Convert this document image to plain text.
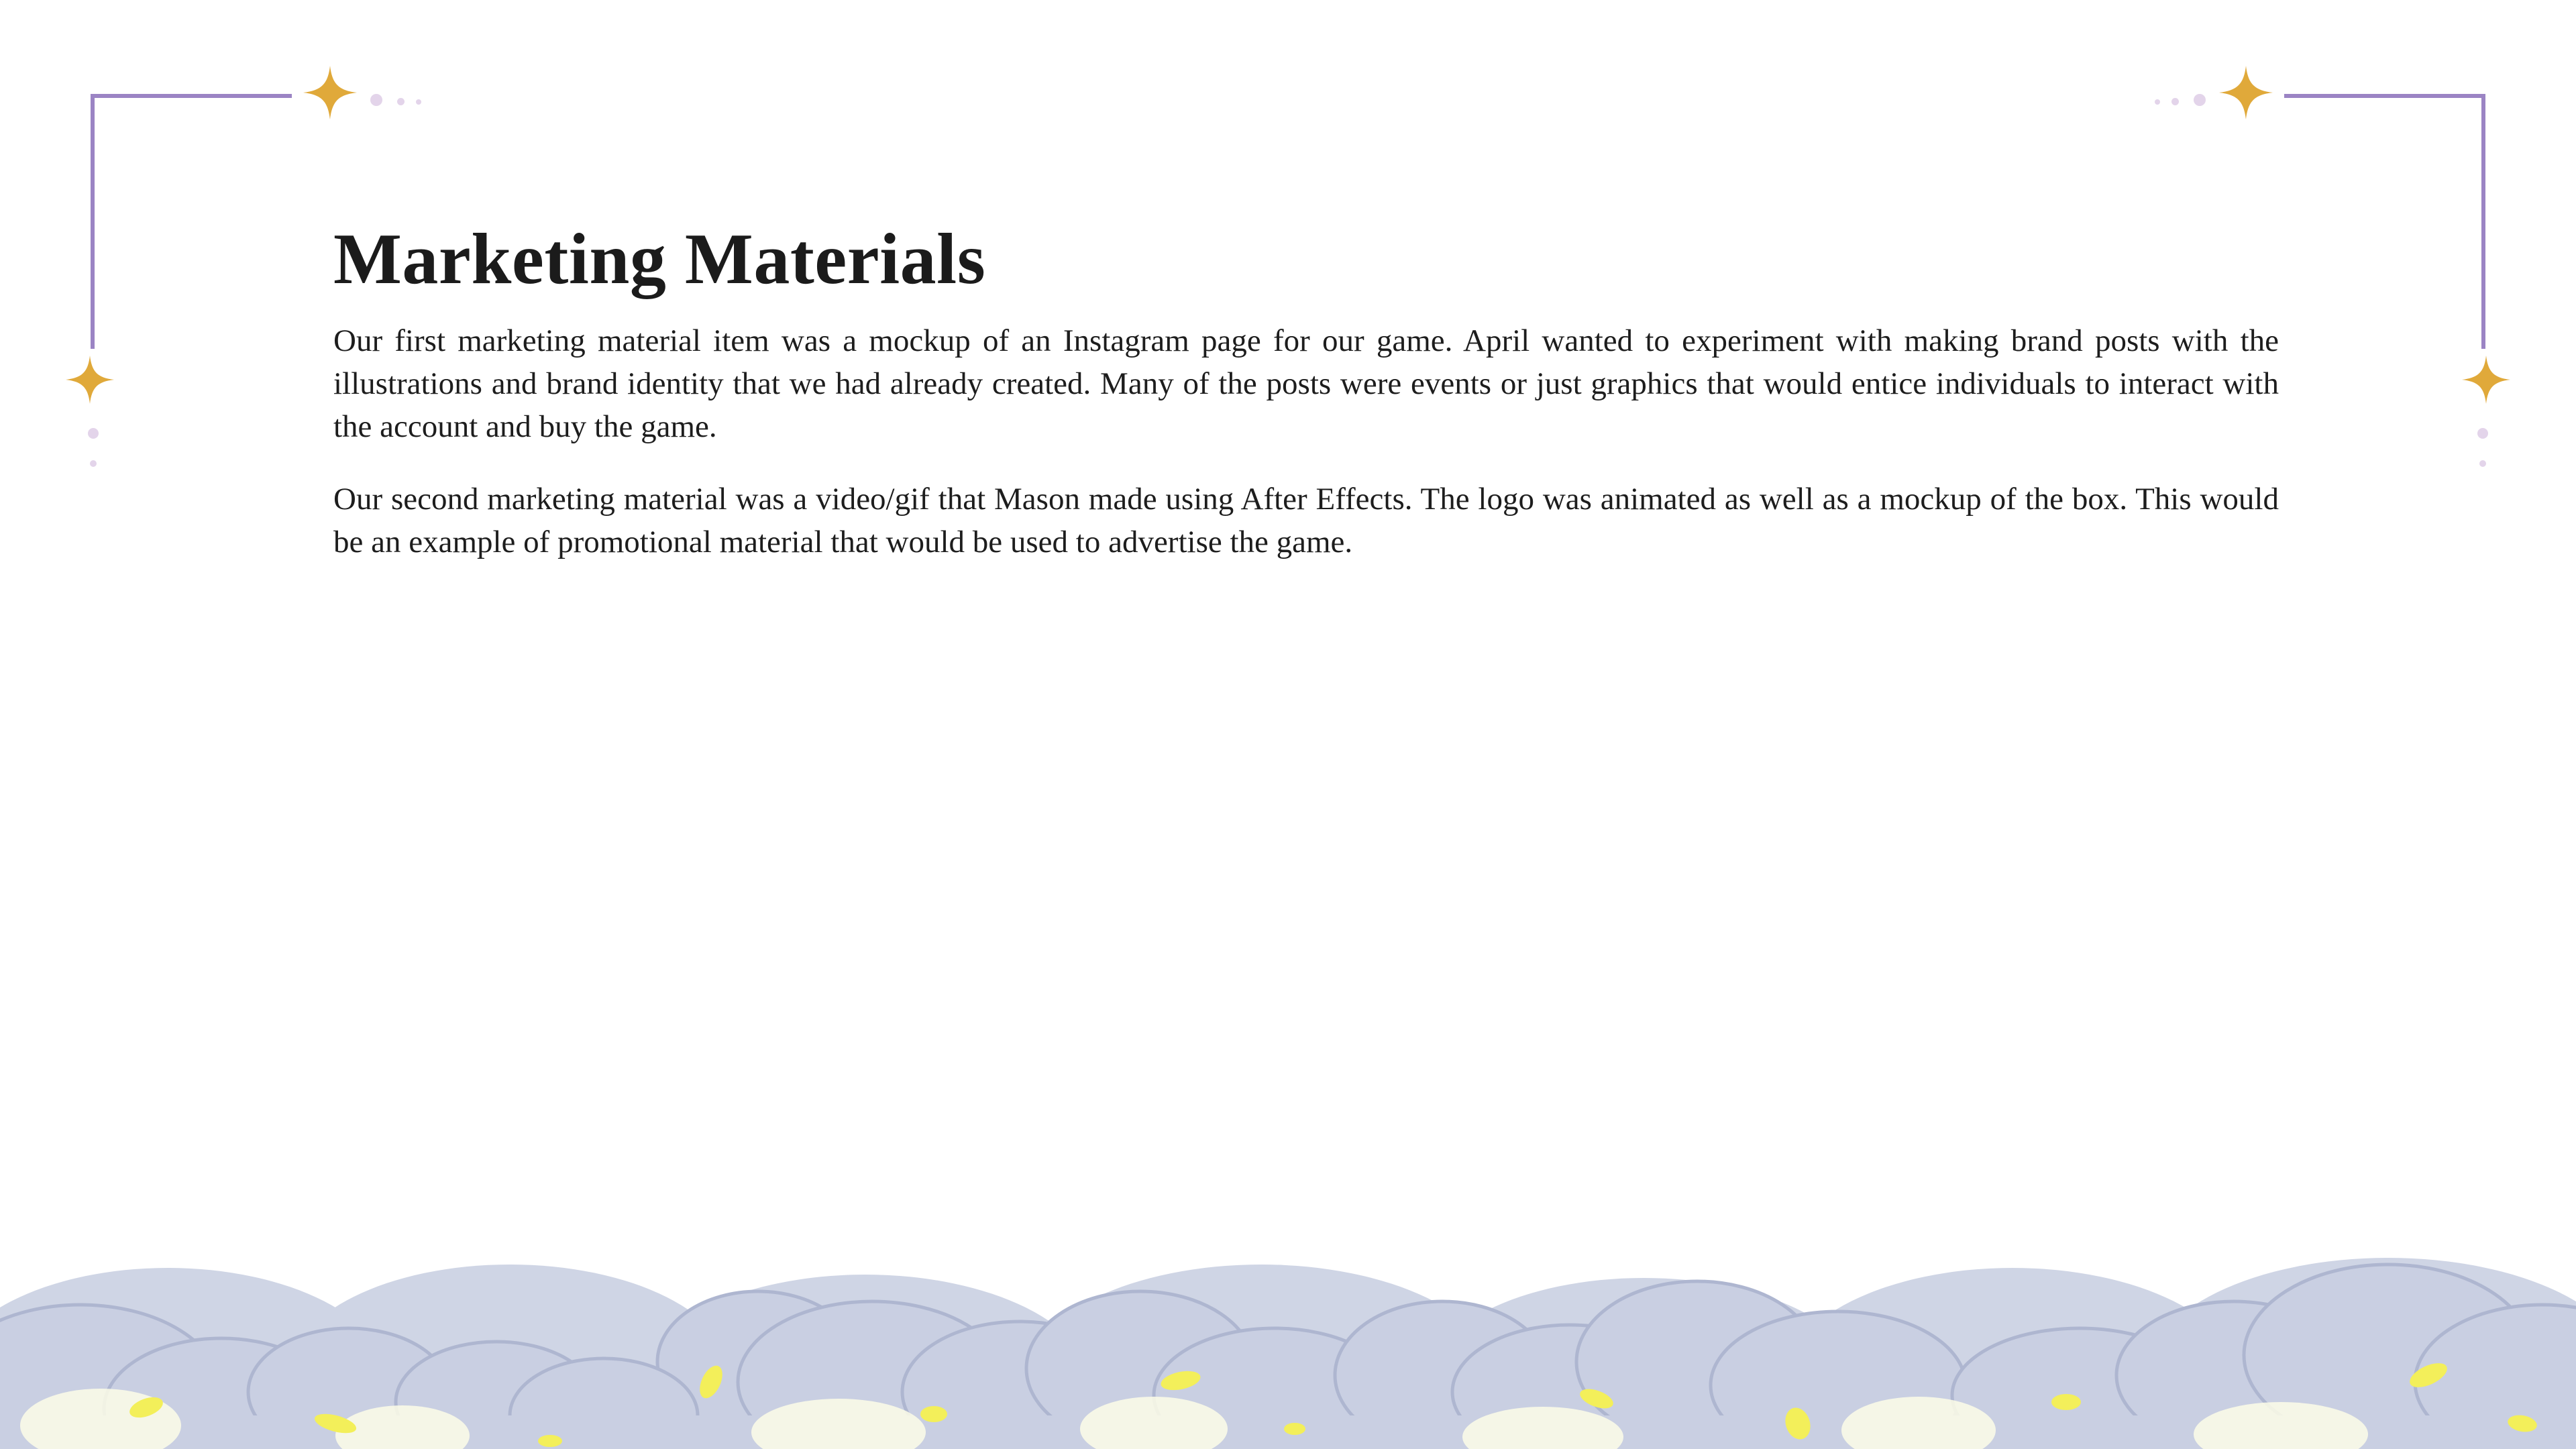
Marketing Materials

Our first marketing material item was a mockup of an Instagram page for our game. April wanted to experiment with making brand posts with the illustrations and brand identity that we had already created. Many of the posts were events or just graphics that would entice individuals to interact with the account and buy the game.

Our second marketing material was a video/gif that Mason made using After Effects. The logo was animated as well as a mockup of the box. This would be an example of promotional material that would be used to advertise the game.
